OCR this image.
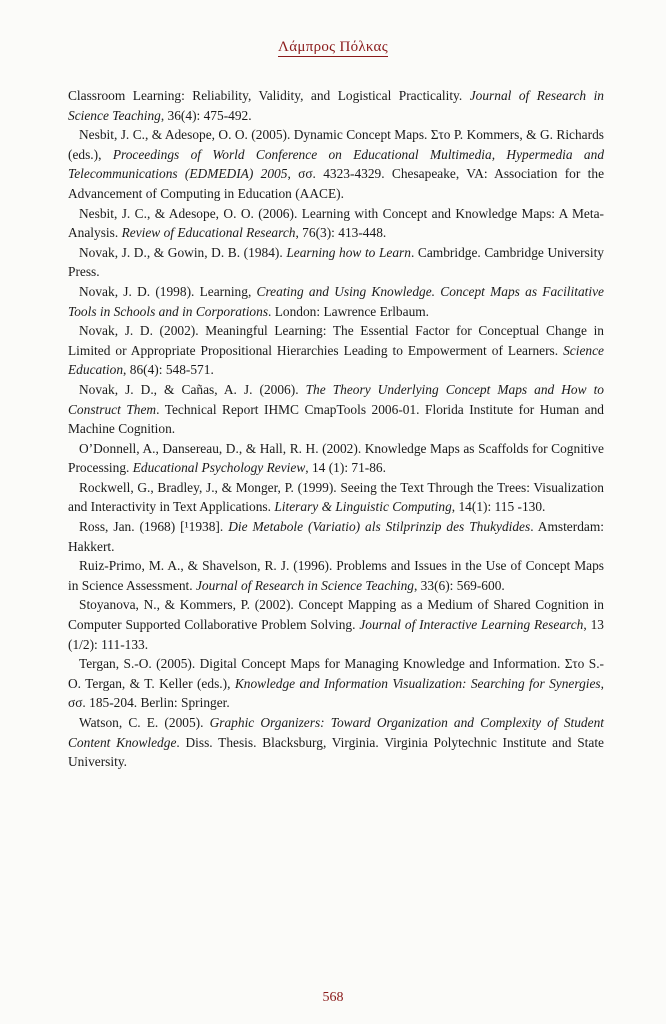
Λάμπρος Πόλκας

Classroom Learning: Reliability, Validity, and Logistical Practicality. Journal of Research in Science Teaching, 36(4): 475-492.

Nesbit, J. C., & Adesope, O. O. (2005). Dynamic Concept Maps. Στο P. Kommers, & G. Richards (eds.), Proceedings of World Conference on Educational Multimedia, Hypermedia and Telecommunications (EDMEDIA) 2005, σσ. 4323-4329. Chesapeake, VA: Association for the Advancement of Computing in Education (AACE).

Nesbit, J. C., & Adesope, O. O. (2006). Learning with Concept and Knowledge Maps: A Meta-Analysis. Review of Educational Research, 76(3): 413-448.

Novak, J. D., & Gowin, D. B. (1984). Learning how to Learn. Cambridge. Cambridge University Press.

Novak, J. D. (1998). Learning, Creating and Using Knowledge. Concept Maps as Facilitative Tools in Schools and in Corporations. London: Lawrence Erlbaum.

Novak, J. D. (2002). Meaningful Learning: The Essential Factor for Conceptual Change in Limited or Appropriate Propositional Hierarchies Leading to Empowerment of Learners. Science Education, 86(4): 548-571.

Novak, J. D., & Cañas, A. J. (2006). The Theory Underlying Concept Maps and How to Construct Them. Technical Report IHMC CmapTools 2006-01. Florida Institute for Human and Machine Cognition.

O’Donnell, A., Dansereau, D., & Hall, R. H. (2002). Knowledge Maps as Scaffolds for Cognitive Processing. Educational Psychology Review, 14 (1): 71-86.

Rockwell, G., Bradley, J., & Monger, P. (1999). Seeing the Text Through the Trees: Visualization and Interactivity in Text Applications. Literary & Linguistic Computing, 14(1): 115 -130.

Ross, Jan. (1968) [¹1938]. Die Metabole (Variatio) als Stilprinzip des Thukydides. Amsterdam: Hakkert.

Ruiz-Primo, M. A., & Shavelson, R. J. (1996). Problems and Issues in the Use of Concept Maps in Science Assessment. Journal of Research in Science Teaching, 33(6): 569-600.

Stoyanova, N., & Kommers, P. (2002). Concept Mapping as a Medium of Shared Cognition in Computer Supported Collaborative Problem Solving. Journal of Interactive Learning Research, 13 (1/2): 111-133.

Tergan, S.-O. (2005). Digital Concept Maps for Managing Knowledge and Information. Στο S.-O. Tergan, & T. Keller (eds.), Knowledge and Information Visualization: Searching for Synergies, σσ. 185-204. Berlin: Springer.

Watson, C. E. (2005). Graphic Organizers: Toward Organization and Complexity of Student Content Knowledge. Diss. Thesis. Blacksburg, Virginia. Virginia Polytechnic Institute and State University.

568
